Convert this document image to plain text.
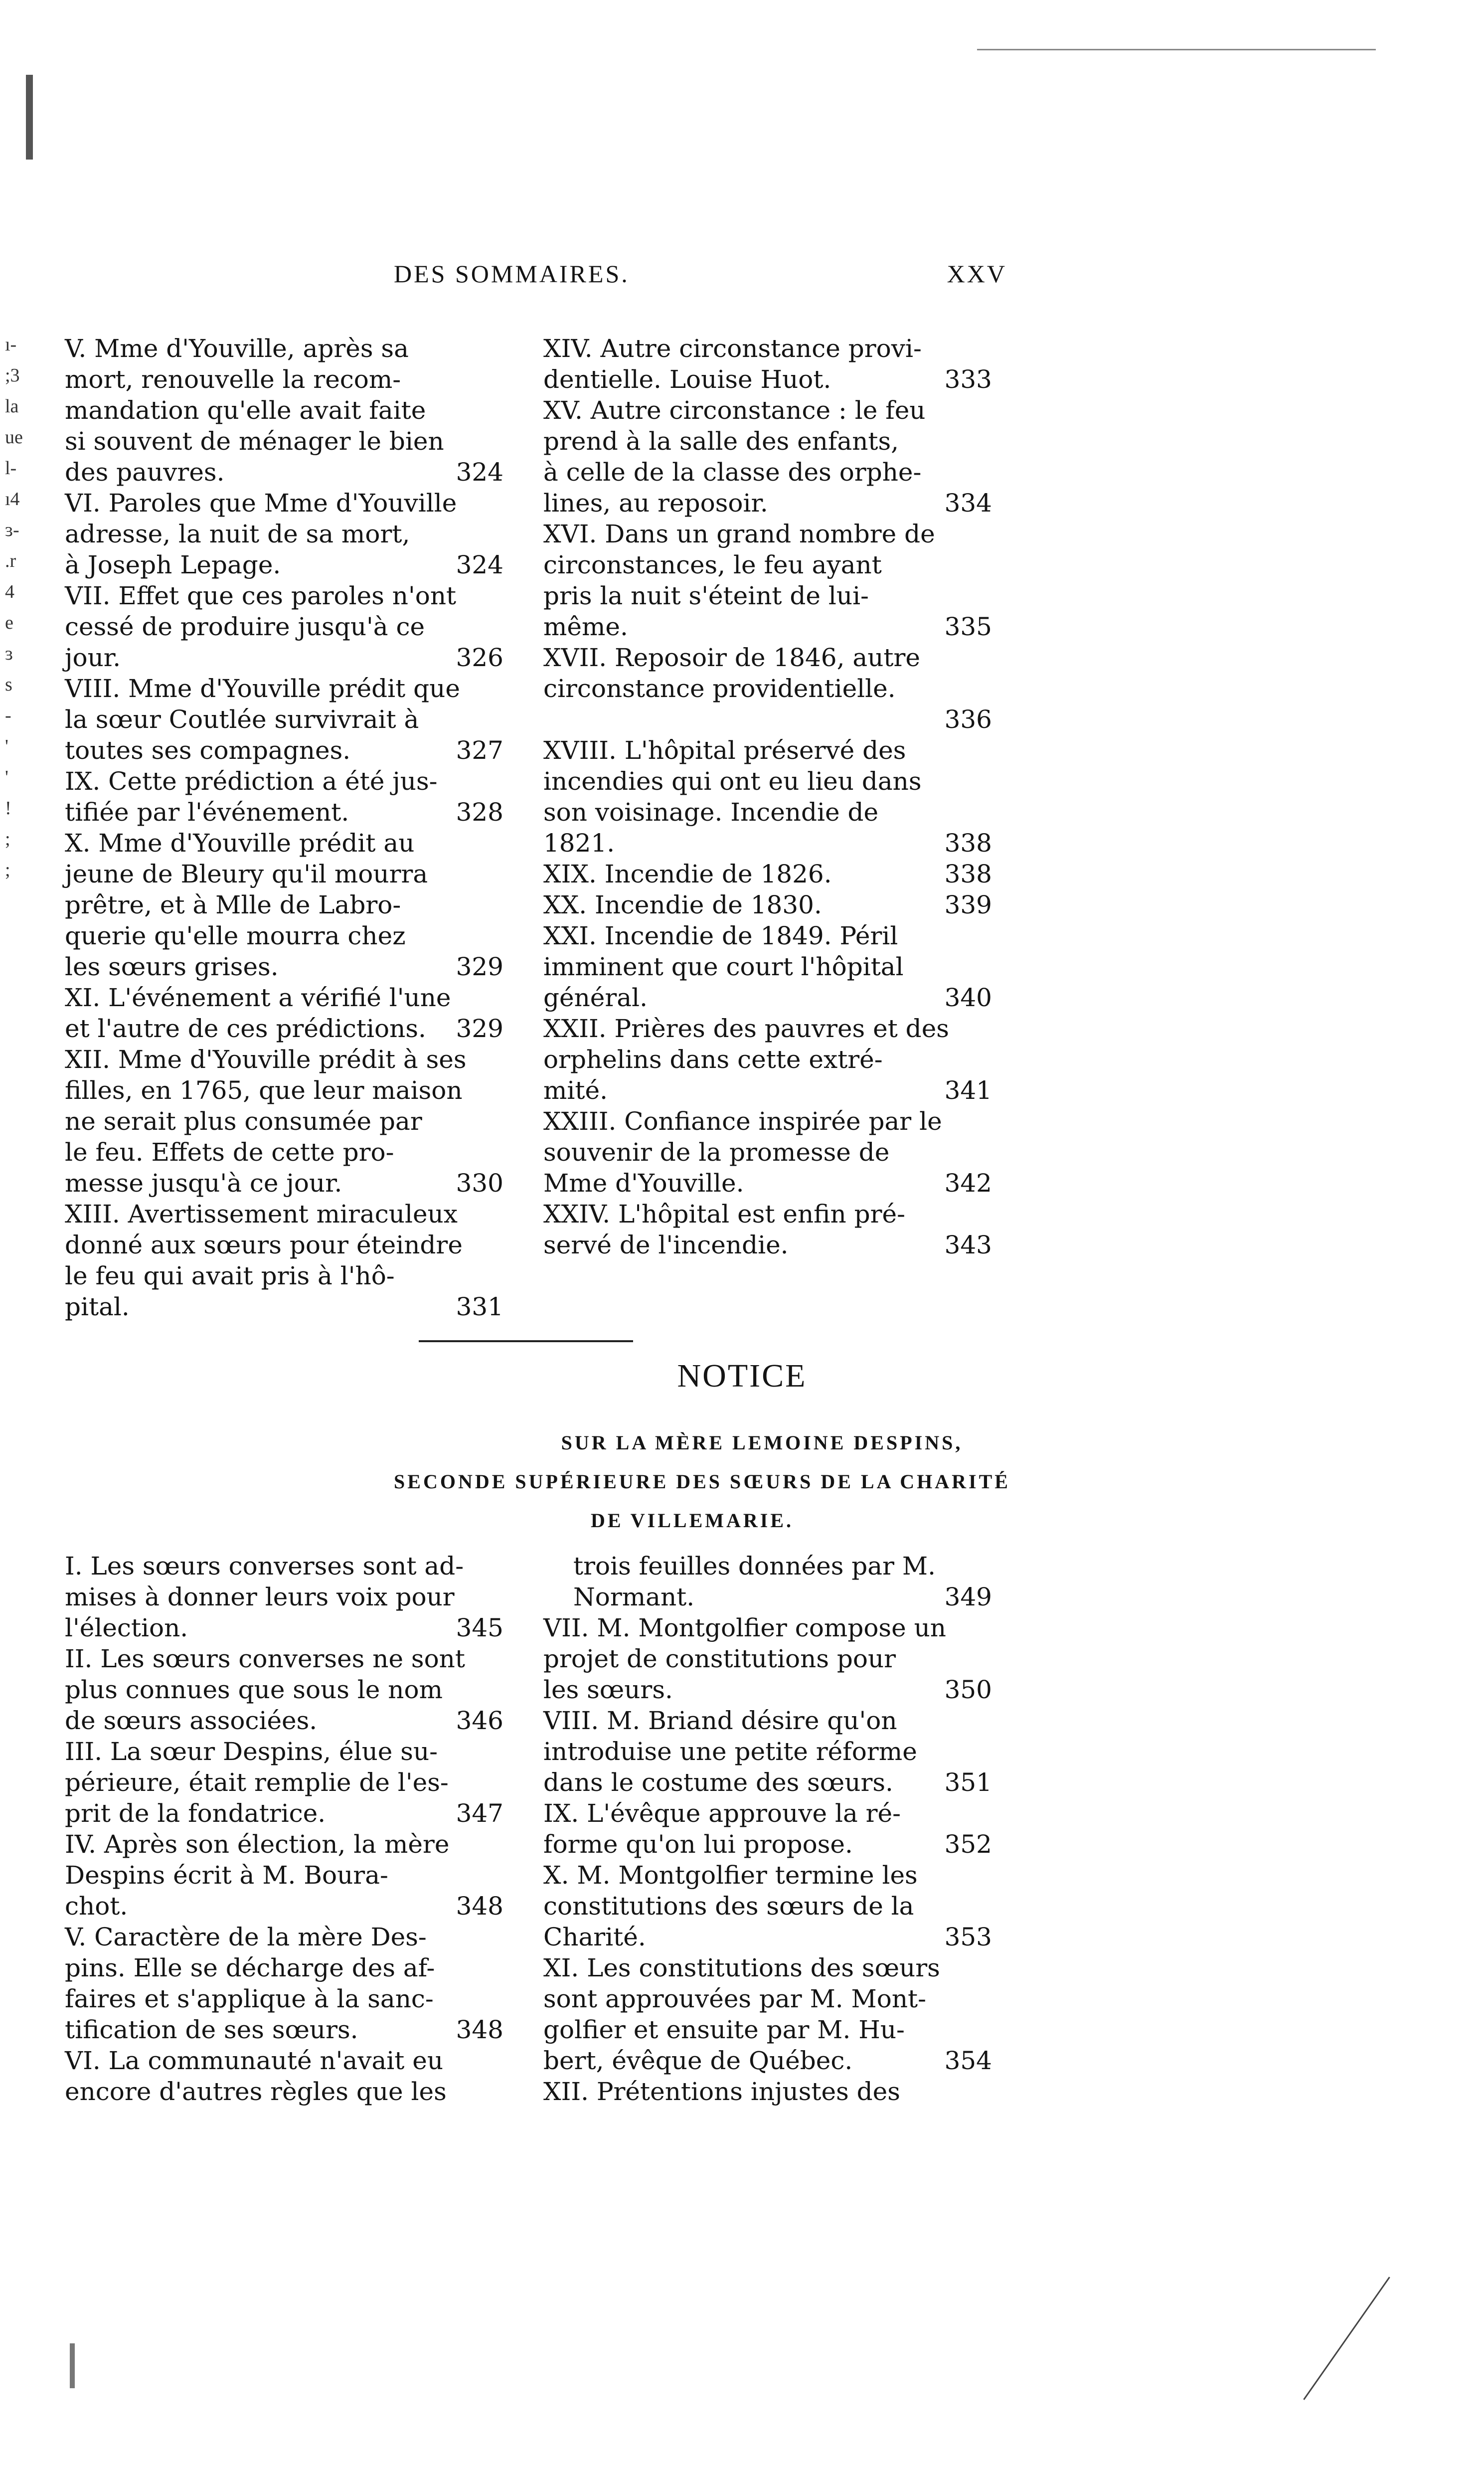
DES SOMMAIRES.	XXV
ı-
;3
la
ue
l-
ı4
ɜ-
.r
4
e
ɜ
s
-
'
'
!
;
;
V. Mme d'Youville, après sa
mort, renouvelle la recom-
mandation qu'elle avait faite
si souvent de ménager le bien
des pauvres.	324
VI. Paroles que Mme d'Youville
adresse, la nuit de sa mort,
à Joseph Lepage.	324
VII. Effet que ces paroles n'ont
cessé de produire jusqu'à ce
jour.	326
VIII. Mme d'Youville prédit que
la sœur Coutlée survivrait à
toutes ses compagnes.	327
IX. Cette prédiction a été jus-
tifiée par l'événement.	328
X. Mme d'Youville prédit au
jeune de Bleury qu'il mourra
prêtre, et à Mlle de Labro-
querie qu'elle mourra chez
les sœurs grises.	329
XI. L'événement a vérifié l'une
et l'autre de ces prédictions.	329
XII. Mme d'Youville prédit à ses
filles, en 1765, que leur maison
ne serait plus consumée par
le feu. Effets de cette pro-
messe jusqu'à ce jour.	330
XIII. Avertissement miraculeux
donné aux sœurs pour éteindre
le feu qui avait pris à l'hô-
pital.	331
XIV. Autre circonstance provi-
dentielle. Louise Huot.	333
XV. Autre circonstance : le feu
prend à la salle des enfants,
à celle de la classe des orphe-
lines, au reposoir.	334
XVI. Dans un grand nombre de
circonstances, le feu ayant
pris la nuit s'éteint de lui-
même.	335
XVII. Reposoir de 1846, autre
circonstance providentielle.
336
XVIII. L'hôpital préservé des
incendies qui ont eu lieu dans
son voisinage. Incendie de
1821.	338
XIX. Incendie de 1826.	338
XX. Incendie de 1830.	339
XXI. Incendie de 1849. Péril
imminent que court l'hôpital
général.	340
XXII. Prières des pauvres et des
orphelins dans cette extré-
mité.	341
XXIII. Confiance inspirée par le
souvenir de la promesse de
Mme d'Youville.	342
XXIV. L'hôpital est enfin pré-
servé de l'incendie.	343
NOTICE
SUR LA MÈRE LEMOINE DESPINS,
SECONDE SUPÉRIEURE DES SŒURS DE LA CHARITÉ
DE VILLEMARIE.
I. Les sœurs converses sont ad-
mises à donner leurs voix pour
l'élection.	345
II. Les sœurs converses ne sont
plus connues que sous le nom
de sœurs associées.	346
III. La sœur Despins, élue su-
périeure, était remplie de l'es-
prit de la fondatrice.	347
IV. Après son élection, la mère
Despins écrit à M. Boura-
chot.	348
V. Caractère de la mère Des-
pins. Elle se décharge des af-
faires et s'applique à la sanc-
tification de ses sœurs.	348
VI. La communauté n'avait eu
encore d'autres règles que les
trois feuilles données par M.
Normant.	349
VII. M. Montgolfier compose un
projet de constitutions pour
les sœurs.	350
VIII. M. Briand désire qu'on
introduise une petite réforme
dans le costume des sœurs.	351
IX. L'évêque approuve la ré-
forme qu'on lui propose.	352
X. M. Montgolfier termine les
constitutions des sœurs de la
Charité.	353
XI. Les constitutions des sœurs
sont approuvées par M. Mont-
golfier et ensuite par M. Hu-
bert, évêque de Québec.	354
XII. Prétentions injustes des
